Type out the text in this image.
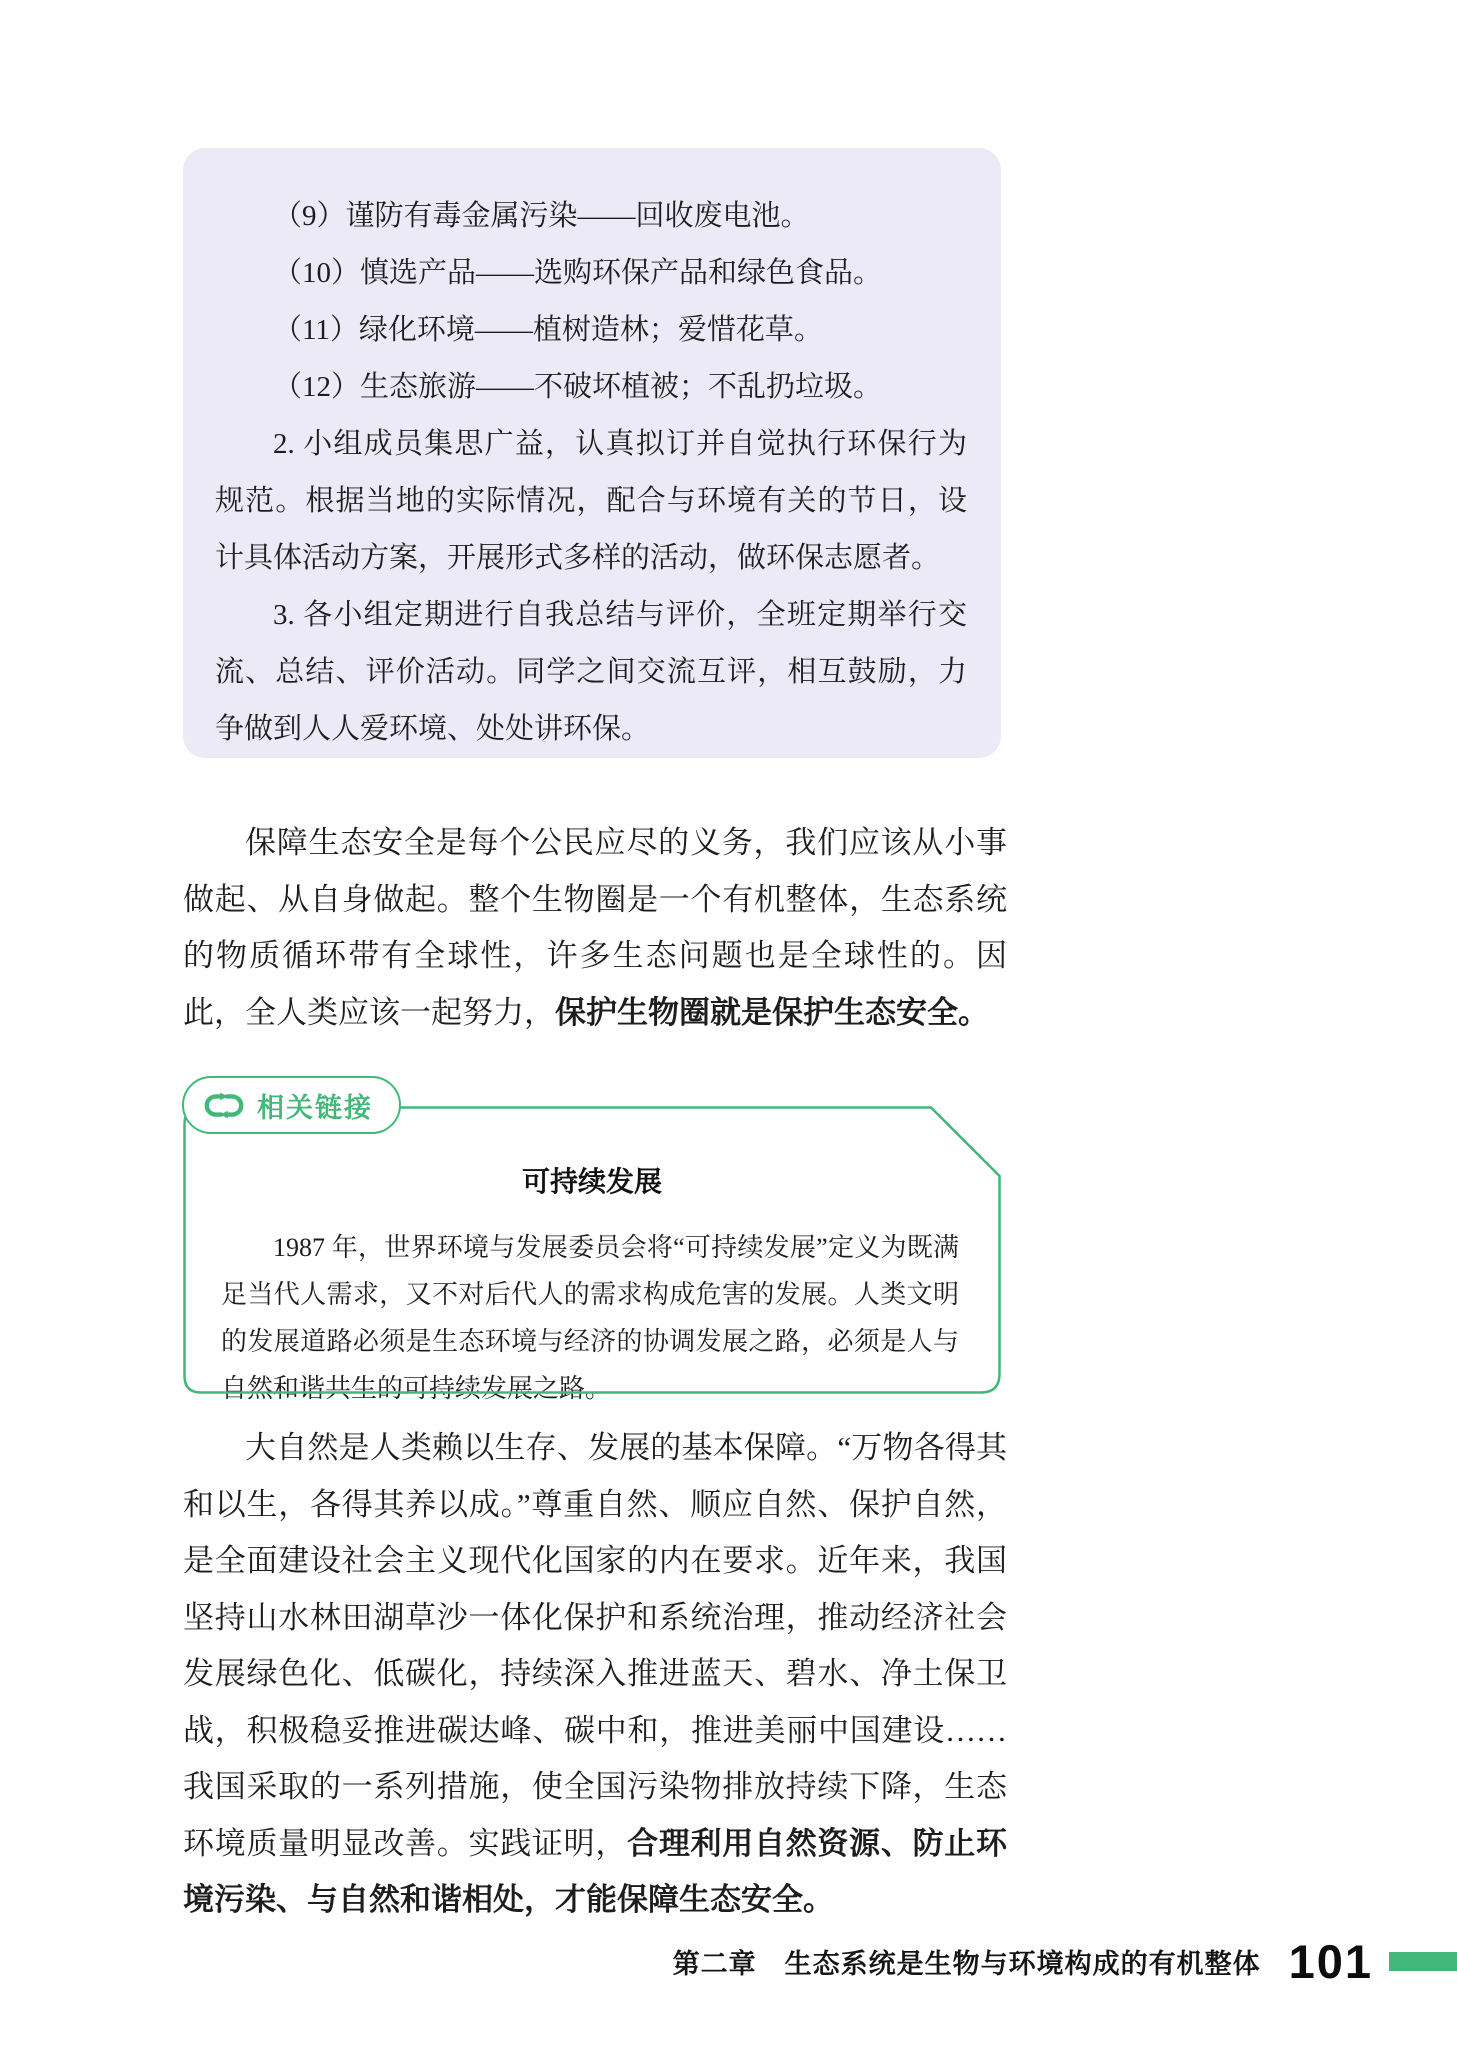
（9）谨防有毒金属污染——回收废电池。

（10）慎选产品——选购环保产品和绿色食品。

（11）绿化环境——植树造林；爱惜花草。

（12）生态旅游——不破坏植被；不乱扔垃圾。

2. 小组成员集思广益，认真拟订并自觉执行环保行为规范。根据当地的实际情况，配合与环境有关的节日，设计具体活动方案，开展形式多样的活动，做环保志愿者。

3. 各小组定期进行自我总结与评价，全班定期举行交流、总结、评价活动。同学之间交流互评，相互鼓励，力争做到人人爱环境、处处讲环保。

保障生态安全是每个公民应尽的义务，我们应该从小事做起、从自身做起。整个生物圈是一个有机整体，生态系统的物质循环带有全球性，许多生态问题也是全球性的。因此，全人类应该一起努力，保护生物圈就是保护生态安全。

相关链接
可持续发展

1987 年，世界环境与发展委员会将“可持续发展”定义为既满足当代人需求，又不对后代人的需求构成危害的发展。人类文明的发展道路必须是生态环境与经济的协调发展之路，必须是人与自然和谐共生的可持续发展之路。

大自然是人类赖以生存、发展的基本保障。“万物各得其和以生，各得其养以成。”尊重自然、顺应自然、保护自然，是全面建设社会主义现代化国家的内在要求。近年来，我国坚持山水林田湖草沙一体化保护和系统治理，推动经济社会发展绿色化、低碳化，持续深入推进蓝天、碧水、净土保卫战，积极稳妥推进碳达峰、碳中和，推进美丽中国建设……我国采取的一系列措施，使全国污染物排放持续下降，生态环境质量明显改善。实践证明，合理利用自然资源、防止环境污染、与自然和谐相处，才能保障生态安全。

第二章　生态系统是生物与环境构成的有机整体 101
